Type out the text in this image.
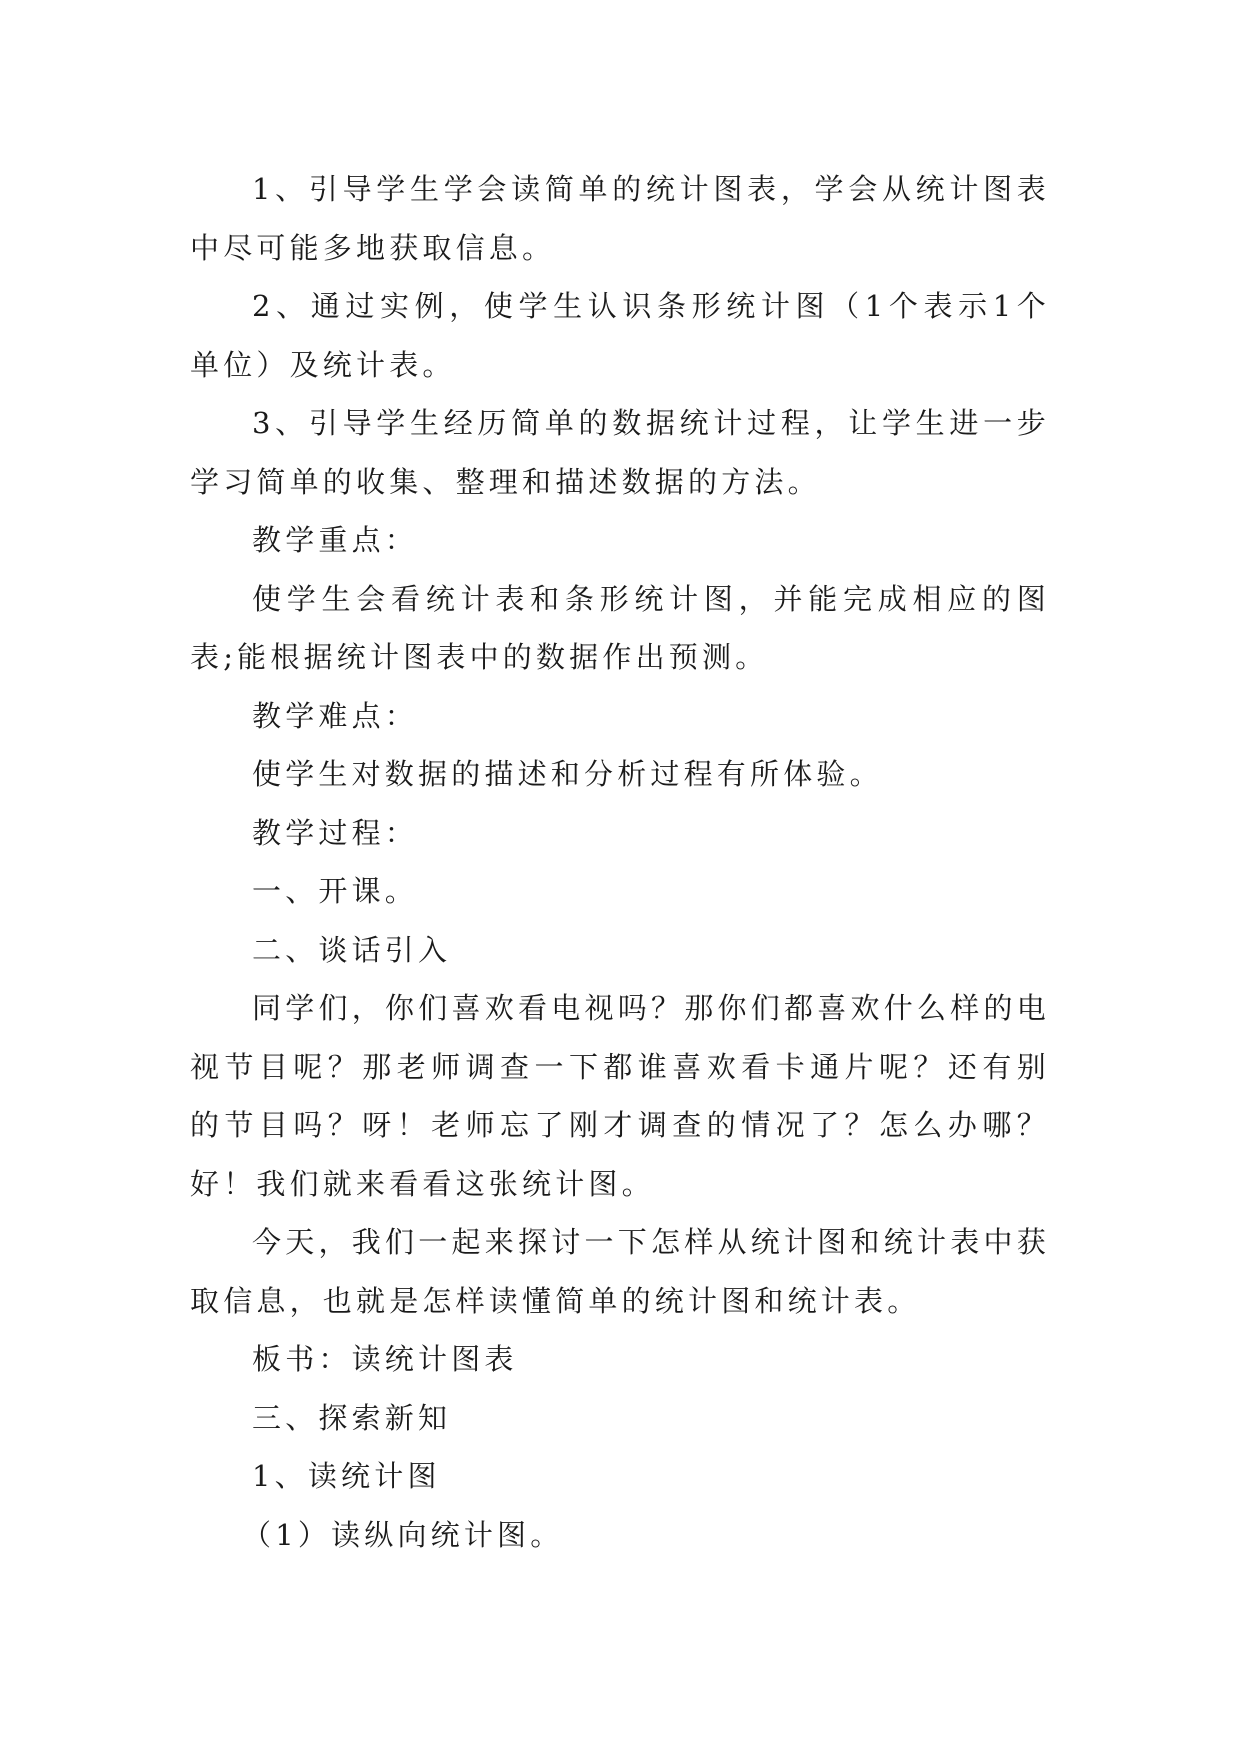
1、引导学生学会读简单的统计图表，学会从统计图表中尽可能多地获取信息。

2、通过实例，使学生认识条形统计图（1个表示1个单位）及统计表。

3、引导学生经历简单的数据统计过程，让学生进一步学习简单的收集、整理和描述数据的方法。

教学重点：

使学生会看统计表和条形统计图，并能完成相应的图表;能根据统计图表中的数据作出预测。

教学难点：

使学生对数据的描述和分析过程有所体验。

教学过程：

一、开课。

二、谈话引入

同学们，你们喜欢看电视吗？那你们都喜欢什么样的电视节目呢？那老师调查一下都谁喜欢看卡通片呢？还有别的节目吗？呀！老师忘了刚才调查的情况了？怎么办哪？好！我们就来看看这张统计图。

今天，我们一起来探讨一下怎样从统计图和统计表中获取信息，也就是怎样读懂简单的统计图和统计表。

板书：读统计图表

三、探索新知

1、读统计图

（1）读纵向统计图。
